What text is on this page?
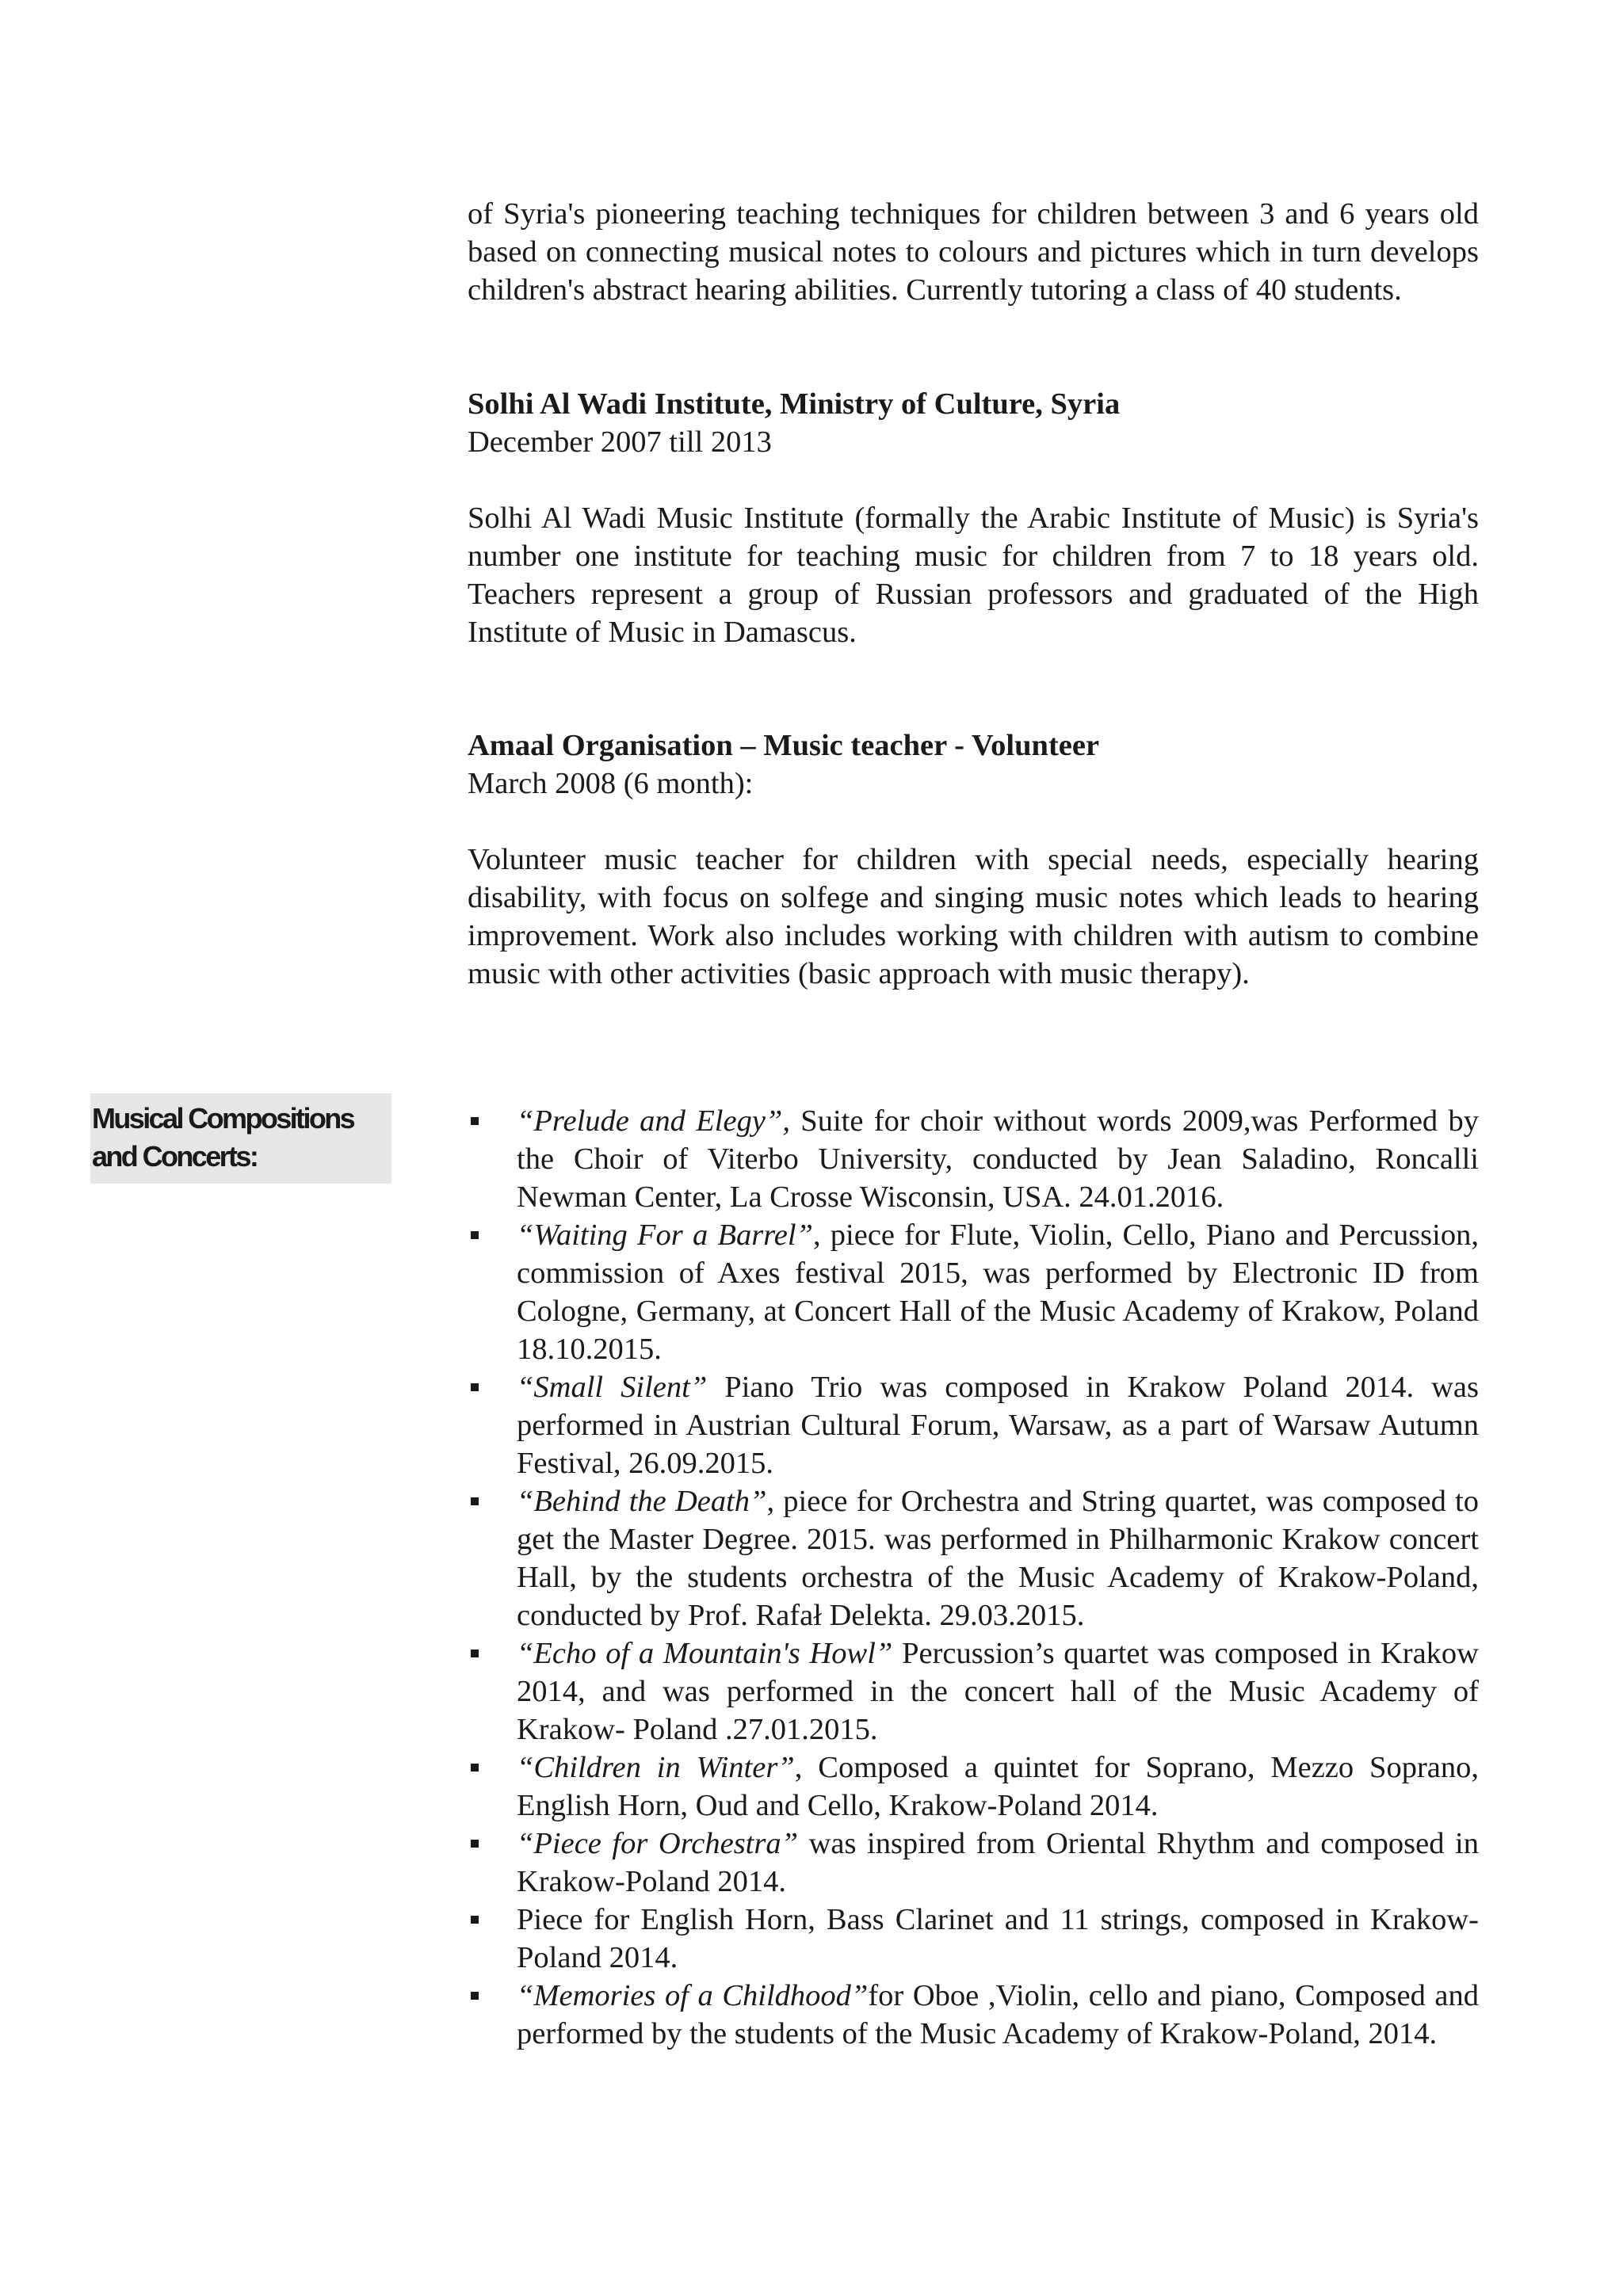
of Syria's pioneering teaching techniques for children between 3 and 6 years old based on connecting musical notes to colours and pictures which in turn develops children's abstract hearing abilities. Currently tutoring a class of 40 students.

Solhi Al Wadi Institute, Ministry of Culture, Syria

December 2007 till 2013

Solhi Al Wadi Music Institute (formally the Arabic Institute of Music) is Syria's number one institute for teaching music for children from 7 to 18 years old. Teachers represent a group of Russian professors and graduated of the High Institute of Music in Damascus.

Amaal Organisation – Music teacher - Volunteer

March 2008 (6 month):

Volunteer music teacher for children with special needs, especially hearing disability, with focus on solfege and singing music notes which leads to hearing improvement. Work also includes working with children with autism to combine music with other activities (basic approach with music therapy).

Musical Compositions
and Concerts:
“Prelude and Elegy”, Suite for choir without words 2009,was Performed by the Choir of Viterbo University, conducted by Jean Saladino, Roncalli Newman Center, La Crosse Wisconsin, USA. 24.01.2016.
“Waiting For a Barrel”, piece for Flute, Violin, Cello, Piano and Percussion, commission of Axes festival 2015, was performed by Electronic ID from Cologne, Germany, at Concert Hall of the Music Academy of Krakow, Poland 18.10.2015.
“Small Silent” Piano Trio was composed in Krakow Poland 2014. was performed in Austrian Cultural Forum, Warsaw, as a part of Warsaw Autumn Festival, 26.09.2015.
“Behind the Death”, piece for Orchestra and String quartet, was composed to get the Master Degree. 2015. was performed in Philharmonic Krakow concert Hall, by the students orchestra of the Music Academy of Krakow-Poland, conducted by Prof. Rafał Delekta. 29.03.2015.
“Echo of a Mountain's Howl” Percussion’s quartet was composed in Krakow 2014, and was performed in the concert hall of the Music Academy of Krakow- Poland .27.01.2015.
“Children in Winter”, Composed a quintet for Soprano, Mezzo Soprano, English Horn, Oud and Cello, Krakow-Poland 2014.
“Piece for Orchestra” was inspired from Oriental Rhythm and composed in Krakow-Poland 2014.
Piece for English Horn, Bass Clarinet and 11 strings, composed in Krakow-Poland 2014.
“Memories of a Childhood”for Oboe ,Violin, cello and piano, Composed and performed by the students of the Music Academy of Krakow-Poland, 2014.
